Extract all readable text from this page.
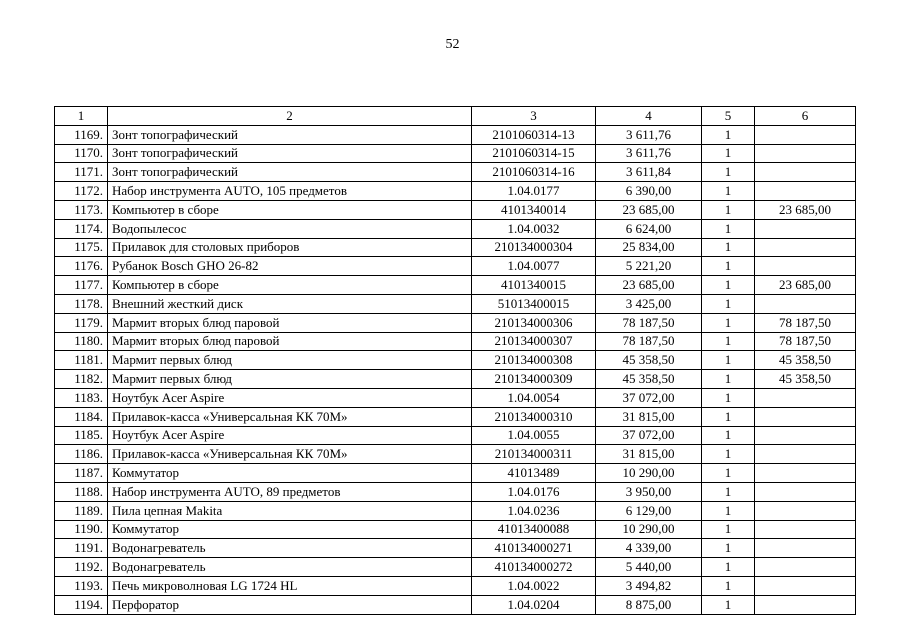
52
1	2	3	4	5	6
1169.	Зонт топографический	2101060314-13	3 611,76	1	
1170.	Зонт топографический	2101060314-15	3 611,76	1	
1171.	Зонт топографический	2101060314-16	3 611,84	1	
1172.	Набор инструмента AUTO, 105 предметов	1.04.0177	6 390,00	1	
1173.	Компьютер в сборе	4101340014	23 685,00	1	23 685,00
1174.	Водопылесос	1.04.0032	6 624,00	1	
1175.	Прилавок для столовых приборов	210134000304	25 834,00	1	
1176.	Рубанок Bosch GHO 26-82	1.04.0077	5 221,20	1	
1177.	Компьютер в сборе	4101340015	23 685,00	1	23 685,00
1178.	Внешний жесткий диск	51013400015	3 425,00	1	
1179.	Мармит вторых блюд паровой	210134000306	78 187,50	1	78 187,50
1180.	Мармит вторых блюд паровой	210134000307	78 187,50	1	78 187,50
1181.	Мармит первых блюд	210134000308	45 358,50	1	45 358,50
1182.	Мармит первых блюд	210134000309	45 358,50	1	45 358,50
1183.	Ноутбук Acer Aspire	1.04.0054	37 072,00	1	
1184.	Прилавок-касса «Универсальная КК 70М»	210134000310	31 815,00	1	
1185.	Ноутбук Acer Aspire	1.04.0055	37 072,00	1	
1186.	Прилавок-касса «Универсальная КК 70М»	210134000311	31 815,00	1	
1187.	Коммутатор	41013489	10 290,00	1	
1188.	Набор инструмента AUTO, 89 предметов	1.04.0176	3 950,00	1	
1189.	Пила цепная Makita	1.04.0236	6 129,00	1	
1190.	Коммутатор	41013400088	10 290,00	1	
1191.	Водонагреватель	410134000271	4 339,00	1	
1192.	Водонагреватель	410134000272	5 440,00	1	
1193.	Печь микроволновая LG 1724 HL	1.04.0022	3 494,82	1	
1194.	Перфоратор	1.04.0204	8 875,00	1	
